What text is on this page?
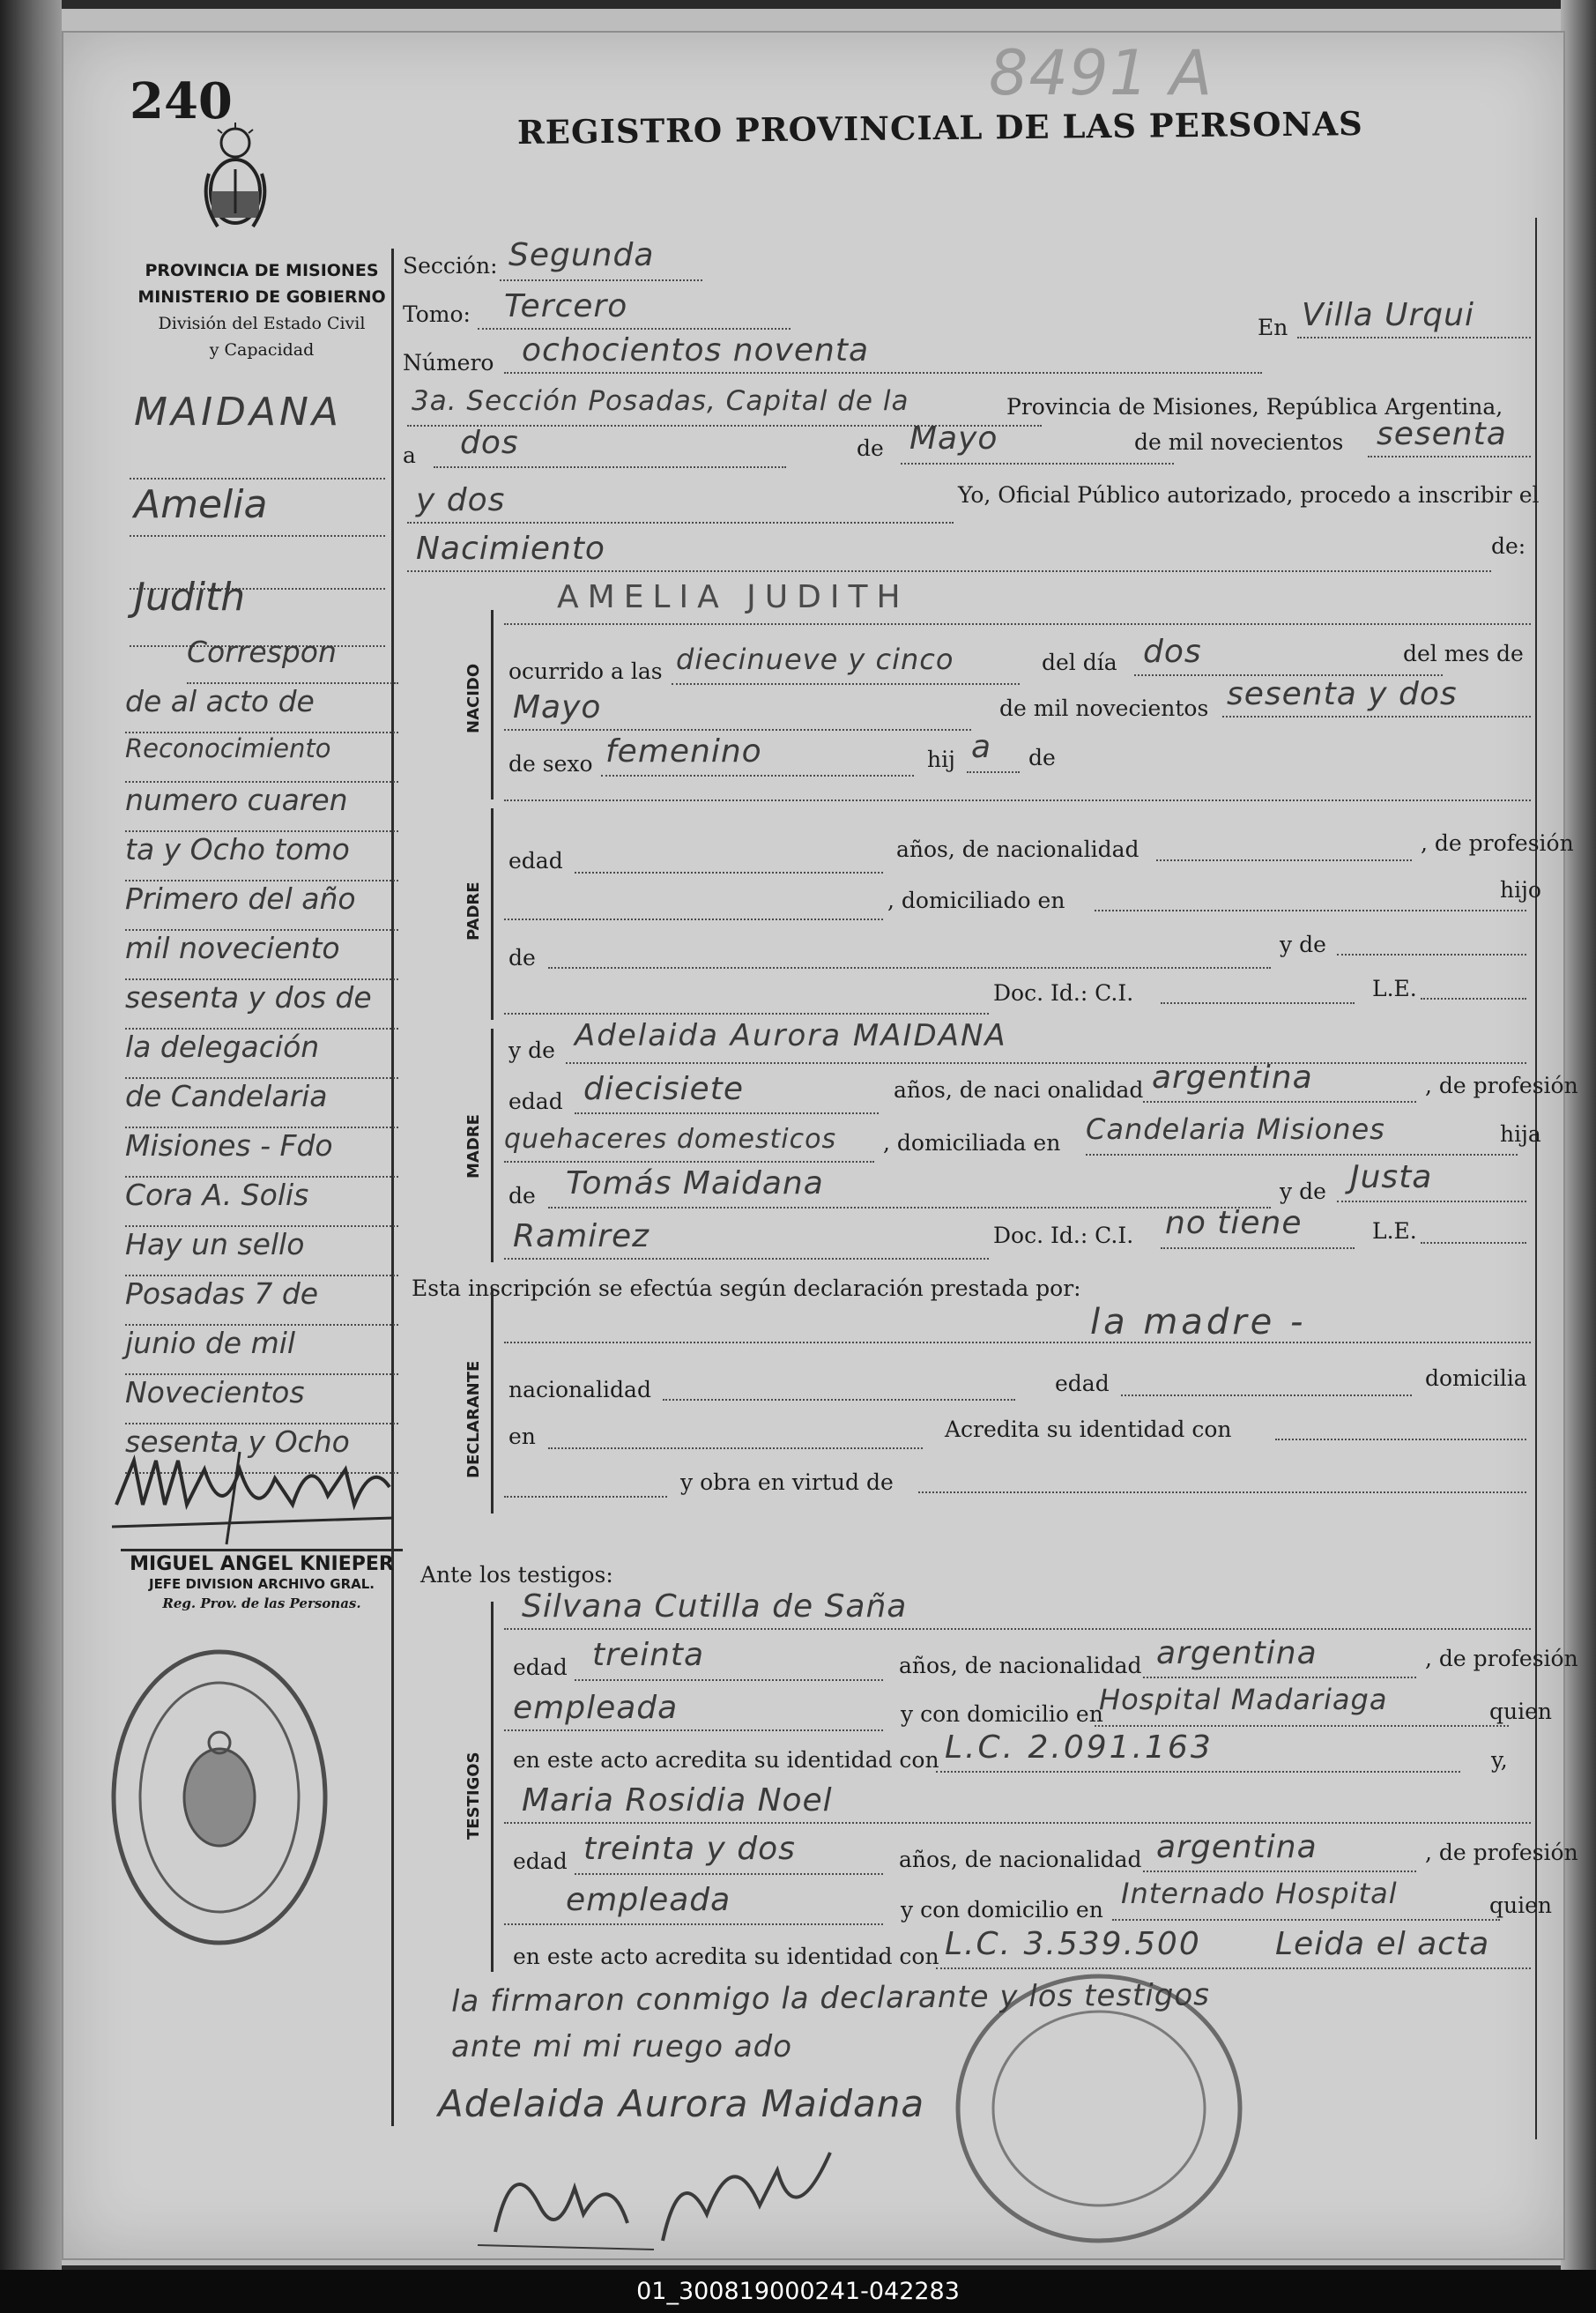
240	8491 A
REGISTRO PROVINCIAL DE LAS PERSONAS
PROVINCIA DE MISIONES
MINISTERIO DE GOBIERNO
División del Estado Civil
y Capacidad
MAIDANA
Amelia
Judith
Correspon
de al acto de
Reconocimiento
numero cuaren
ta y Ocho tomo
Primero del año
mil noveciento
sesenta y dos de
la delegación
de Candelaria
Misiones - Fdo
Cora A. Solis
Hay un sello
Posadas 7 de
junio de mil
Novecientos
sesenta y Ocho
MIGUEL ANGEL KNIEPER
JEFE DIVISION ARCHIVO GRAL.
Reg. Prov. de las Personas.
Sección: Segunda
Tomo: Tercero
En Villa Urqui
Número ochocientos noventa
3a. Sección Posadas, Capital de la	Provincia de Misiones, República Argentina,
a dos	de Mayo	de mil novecientos sesenta
y dos	Yo, Oficial Público autorizado, procedo a inscribir el
Nacimiento	de:
NACIDO
AMELIA JUDITH
ocurrido a las diecinueve y cinco	del día dos	del mes de
Mayo	de mil novecientos sesenta y dos
de sexo femenino	hij a de
PADRE
edad	años, de nacionalidad	, de profesión
, domiciliado en	hijo
de
y de
Doc. Id.: C.I.	L.E.
MADRE
y de Adelaida Aurora MAIDANA
edad diecisiete	años, de naci onalidad argentina	, de profesión
quehaceres domesticos , domiciliada en Candelaria Misiones	hija
de Tomás Maidana	y de Justa
Ramirez	Doc. Id.: C.I. no tiene	L.E.
Esta inscripción se efectúa según declaración prestada por:
DECLARANTE
la madre -
nacionalidad	edad	domicilia
en	Acredita su identidad con
y obra en virtud de
Ante los testigos:
TESTIGOS
Silvana Cutilla de Saña
edad treinta	años, de nacionalidad argentina	, de profesión
empleada	y con domicilio en
Hospital Madariaga	quien
en este acto acredita su identidad con L.C. 2.091.163	y,
Maria Rosidia Noel
edad treinta y dos	años, de nacionalidad argentina	, de profesión
empleada	y con domicilio en Internado Hospital	quien
en este acto acredita su identidad con L.C. 3.539.500 Leida el acta
la firmaron conmigo la declarante y los testigos
ante mi mi ruego ado
Adelaida Aurora Maidana
01_300819000241-042283
